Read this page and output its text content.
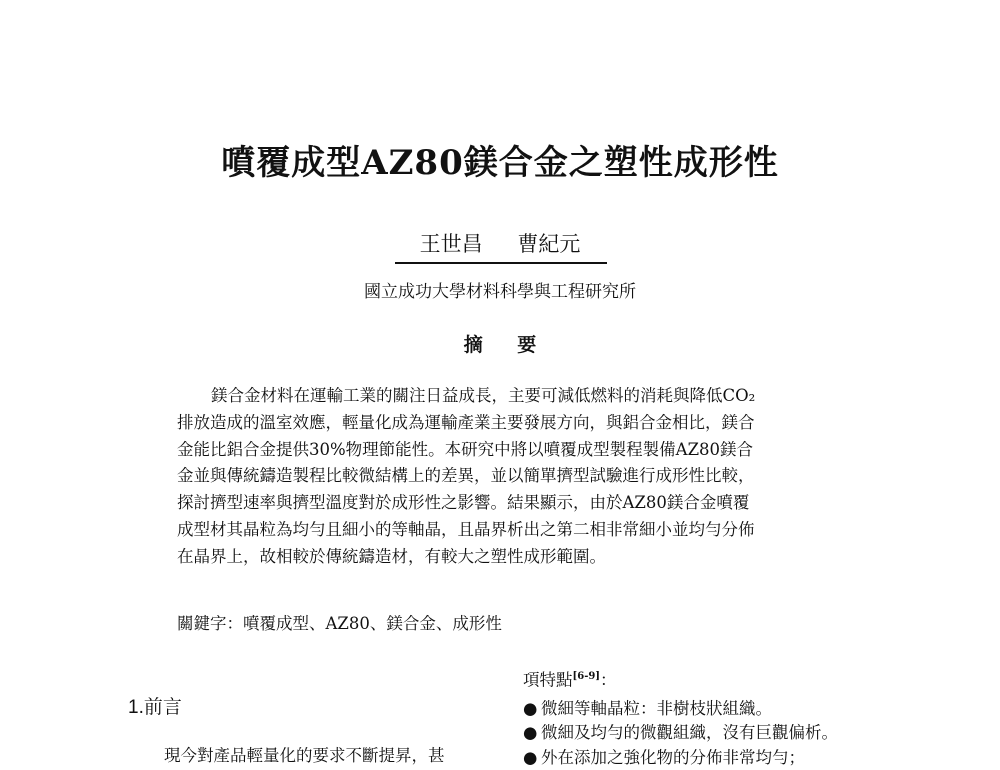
噴覆成型AZ80鎂合金之塑性成形性
王世昌 曹紀元
國立成功大學材料科學與工程研究所
摘 要
鎂合金材料在運輸工業的關注日益成長，主要可減低燃料的消耗與降低CO₂
排放造成的溫室效應，輕量化成為運輸產業主要發展方向，與鋁合金相比，鎂合
金能比鋁合金提供30%物理節能性。本研究中將以噴覆成型製程製備AZ80鎂合
金並與傳統鑄造製程比較微結構上的差異，並以簡單擠型試驗進行成形性比較，
探討擠型速率與擠型溫度對於成形性之影響。結果顯示，由於AZ80鎂合金噴覆
成型材其晶粒為均勻且細小的等軸晶，且晶界析出之第二相非常細小並均勻分佈
在晶界上，故相較於傳統鑄造材，有較大之塑性成形範圍。
關鍵字：噴覆成型、AZ80、鎂合金、成形性
1.前言
現今對產品輕量化的要求不斷提昇，甚
項特點[6-9]：
● 微細等軸晶粒：非樹枝狀組織。
● 微細及均勻的微觀組織，沒有巨觀偏析。
● 外在添加之強化物的分佈非常均勻；
